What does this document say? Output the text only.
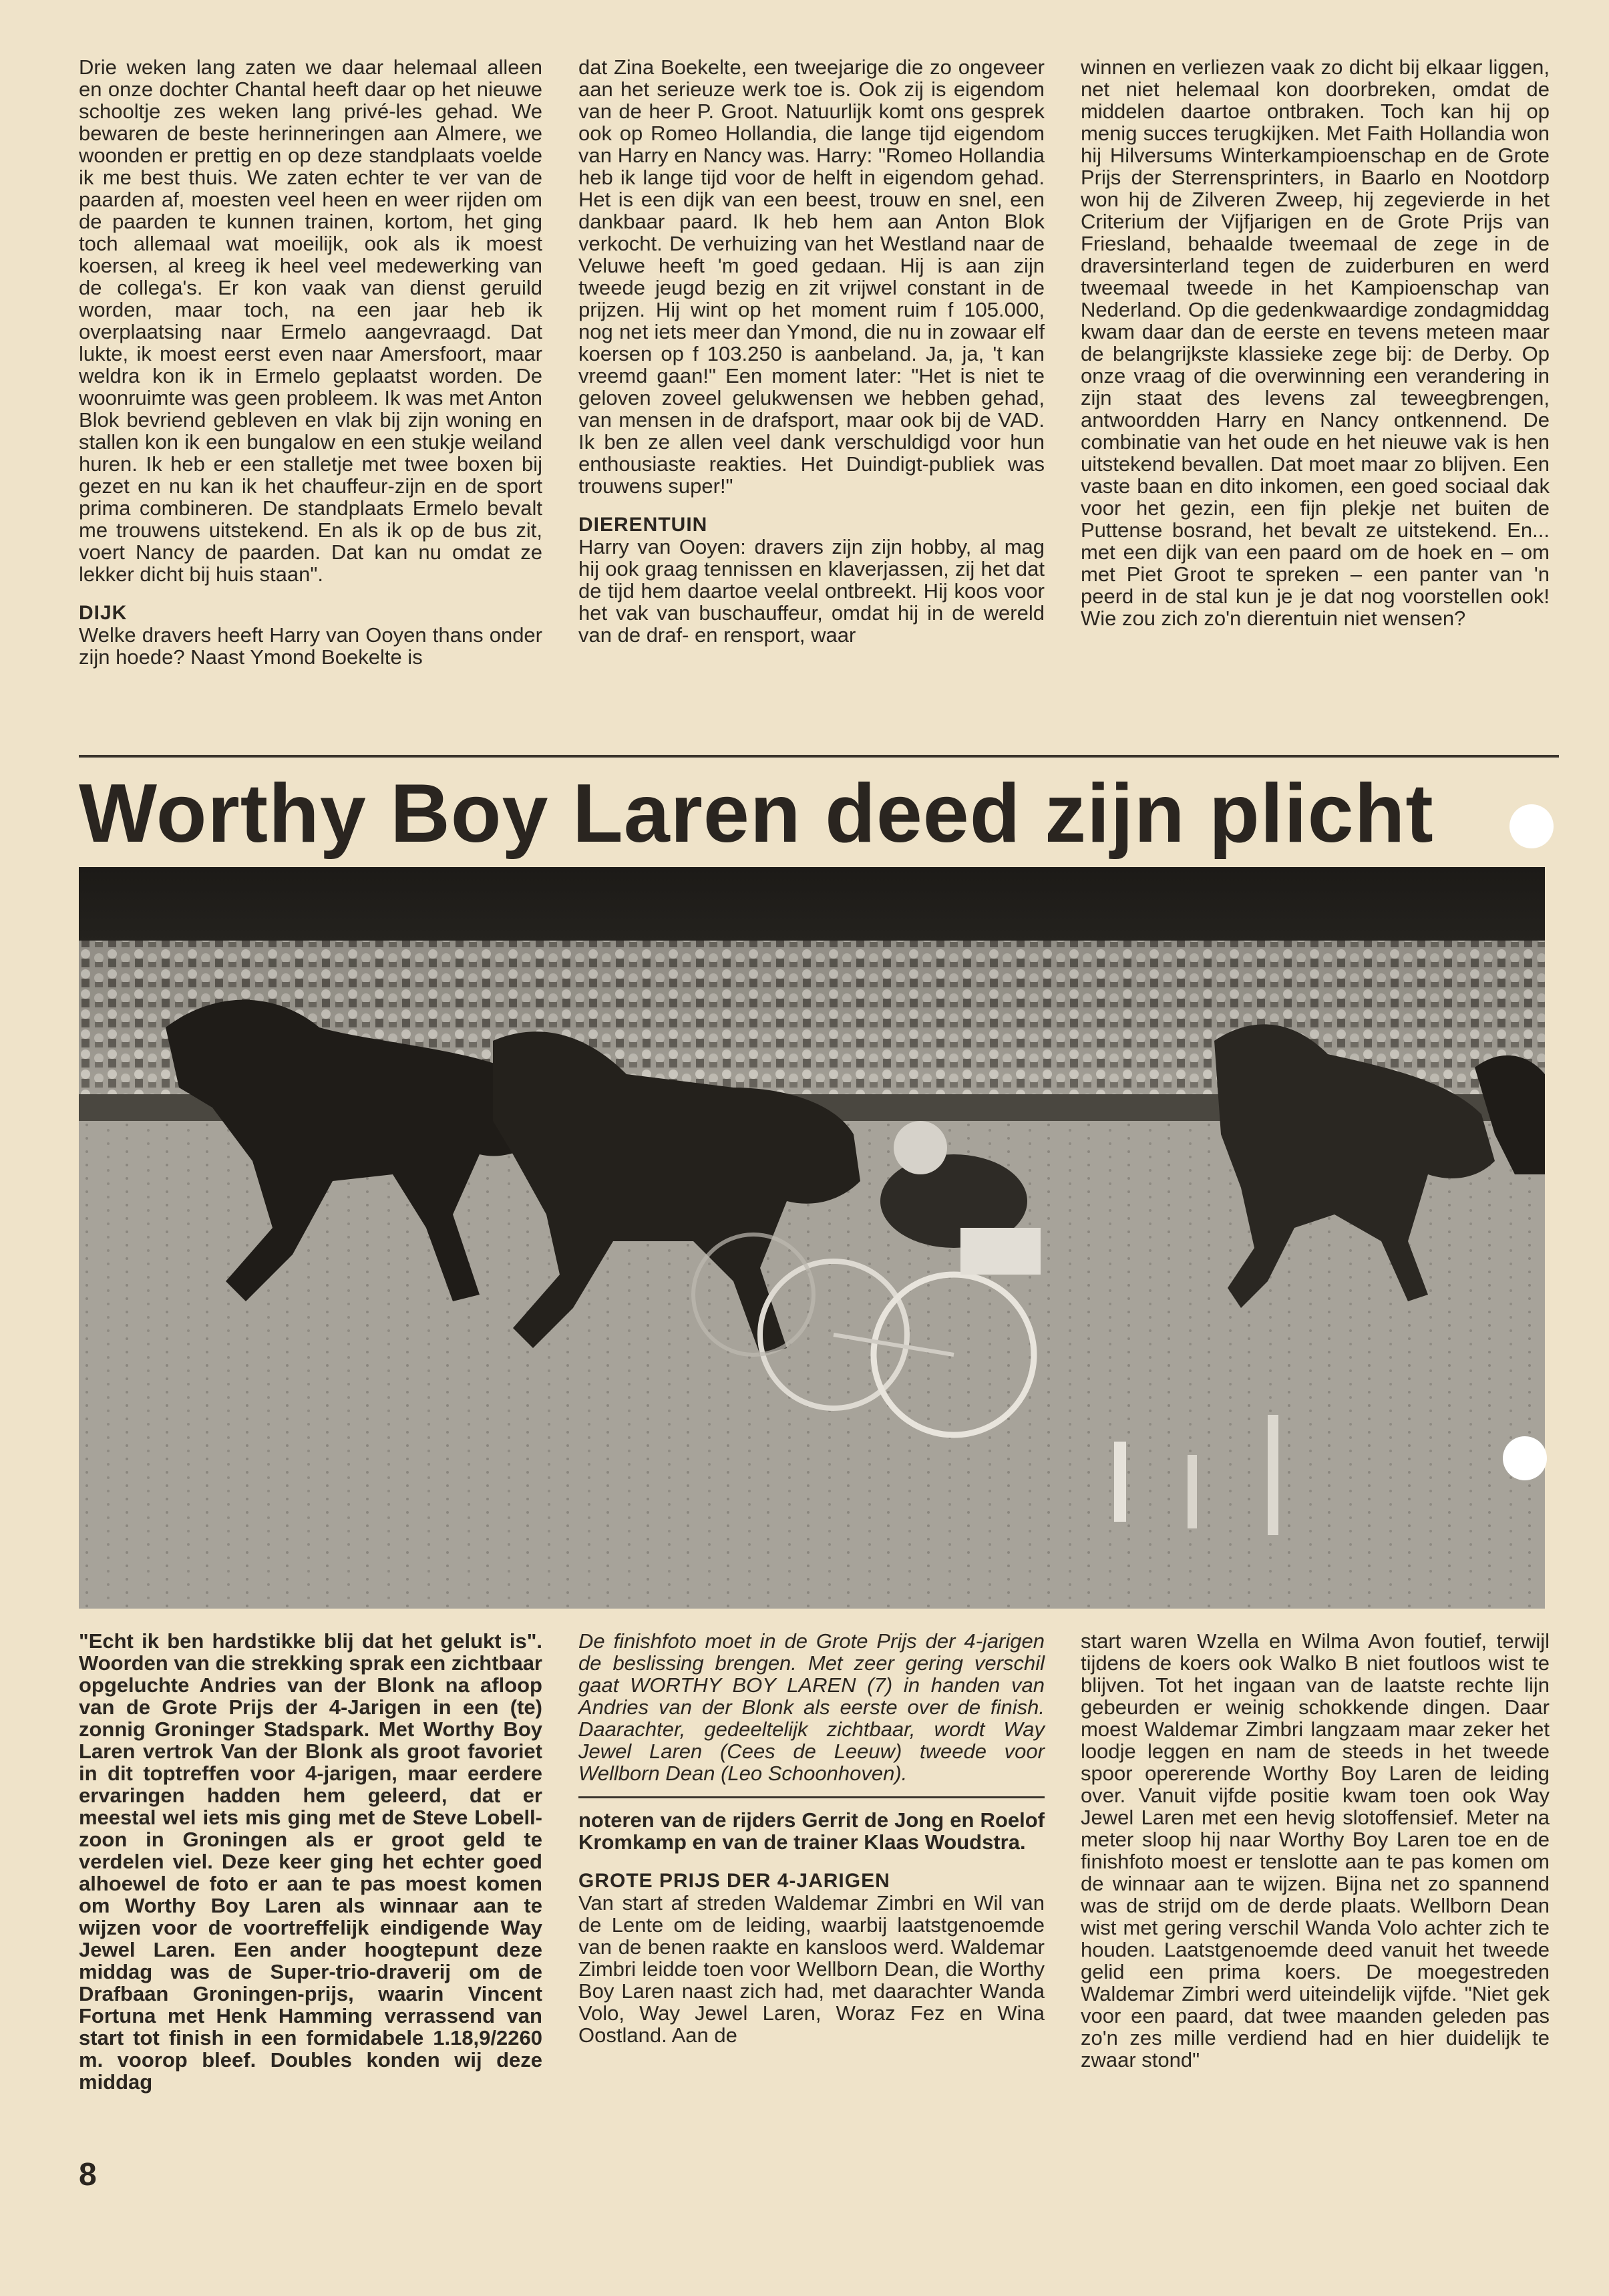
Drie weken lang zaten we daar helemaal alleen en onze dochter Chantal heeft daar op het nieuwe schooltje zes weken lang privé-les gehad. We bewaren de beste herinneringen aan Almere, we woonden er prettig en op deze standplaats voelde ik me best thuis. We zaten echter te ver van de paarden af, moesten veel heen en weer rijden om de paarden te kunnen trainen, kortom, het ging toch allemaal wat moeilijk, ook als ik moest koersen, al kreeg ik heel veel medewerking van de collega's. Er kon vaak van dienst geruild worden, maar toch, na een jaar heb ik overplaatsing naar Ermelo aangevraagd. Dat lukte, ik moest eerst even naar Amersfoort, maar weldra kon ik in Ermelo geplaatst worden. De woonruimte was geen probleem. Ik was met Anton Blok bevriend gebleven en vlak bij zijn woning en stallen kon ik een bungalow en een stukje weiland huren. Ik heb er een stalletje met twee boxen bij gezet en nu kan ik het chauffeur-zijn en de sport prima combineren. De standplaats Ermelo bevalt me trouwens uitstekend. En als ik op de bus zit, voert Nancy de paarden. Dat kan nu omdat ze lekker dicht bij huis staan".

DIJK

Welke dravers heeft Harry van Ooyen thans onder zijn hoede? Naast Ymond Boekelte is

dat Zina Boekelte, een tweejarige die zo ongeveer aan het serieuze werk toe is. Ook zij is eigendom van de heer P. Groot. Natuurlijk komt ons gesprek ook op Romeo Hollandia, die lange tijd eigendom van Harry en Nancy was. Harry: "Romeo Hollandia heb ik lange tijd voor de helft in eigendom gehad. Het is een dijk van een beest, trouw en snel, een dankbaar paard. Ik heb hem aan Anton Blok verkocht. De verhuizing van het Westland naar de Veluwe heeft 'm goed gedaan. Hij is aan zijn tweede jeugd bezig en zit vrijwel constant in de prijzen. Hij wint op het moment ruim f 105.000, nog net iets meer dan Ymond, die nu in zowaar elf koersen op f 103.250 is aanbeland. Ja, ja, 't kan vreemd gaan!" Een moment later: "Het is niet te geloven zoveel gelukwensen we hebben gehad, van mensen in de drafsport, maar ook bij de VAD. Ik ben ze allen veel dank verschuldigd voor hun enthousiaste reakties. Het Duindigt-publiek was trouwens super!"

DIERENTUIN

Harry van Ooyen: dravers zijn zijn hobby, al mag hij ook graag tennissen en klaverjassen, zij het dat de tijd hem daartoe veelal ontbreekt. Hij koos voor het vak van buschauffeur, omdat hij in de wereld van de draf- en rensport, waar

winnen en verliezen vaak zo dicht bij elkaar liggen, net niet helemaal kon doorbreken, omdat de middelen daartoe ontbraken. Toch kan hij op menig succes terugkijken. Met Faith Hollandia won hij Hilversums Winterkampioenschap en de Grote Prijs der Sterrensprinters, in Baarlo en Nootdorp won hij de Zilveren Zweep, hij zegevierde in het Criterium der Vijfjarigen en de Grote Prijs van Friesland, behaalde tweemaal de zege in de draversinterland tegen de zuiderburen en werd tweemaal tweede in het Kampioenschap van Nederland. Op die gedenkwaardige zondagmiddag kwam daar dan de eerste en tevens meteen maar de belangrijkste klassieke zege bij: de Derby. Op onze vraag of die overwinning een verandering in zijn staat des levens zal teweegbrengen, antwoordden Harry en Nancy ontkennend. De combinatie van het oude en het nieuwe vak is hen uitstekend bevallen. Dat moet maar zo blijven. Een vaste baan en dito inkomen, een goed sociaal dak voor het gezin, een fijn plekje net buiten de Puttense bosrand, het bevalt ze uitstekend. En... met een dijk van een paard om de hoek en – om met Piet Groot te spreken – een panter van 'n peerd in de stal kun je je dat nog voorstellen ook! Wie zou zich zo'n dierentuin niet wensen?

Worthy Boy Laren deed zijn plicht

"Echt ik ben hardstikke blij dat het gelukt is". Woorden van die strekking sprak een zichtbaar opgeluchte Andries van der Blonk na afloop van de Grote Prijs der 4-Jarigen in een (te) zonnig Groninger Stadspark. Met Worthy Boy Laren vertrok Van der Blonk als groot favoriet in dit toptreffen voor 4-jarigen, maar eerdere ervaringen hadden hem geleerd, dat er meestal wel iets mis ging met de Steve Lobell-zoon in Groningen als er groot geld te verdelen viel. Deze keer ging het echter goed alhoewel de foto er aan te pas moest komen om Worthy Boy Laren als winnaar aan te wijzen voor de voortreffelijk eindigende Way Jewel Laren. Een ander hoogtepunt deze middag was de Super-trio-draverij om de Drafbaan Groningen-prijs, waarin Vincent Fortuna met Henk Hamming verrassend van start tot finish in een formidabele 1.18,9/2260 m. voorop bleef. Doubles konden wij deze middag

De finishfoto moet in de Grote Prijs der 4-jarigen de beslissing brengen. Met zeer gering verschil gaat WORTHY BOY LAREN (7) in handen van Andries van der Blonk als eerste over de finish. Daarachter, gedeeltelijk zichtbaar, wordt Way Jewel Laren (Cees de Leeuw) tweede voor Wellborn Dean (Leo Schoonhoven).

noteren van de rijders Gerrit de Jong en Roelof Kromkamp en van de trainer Klaas Woudstra.

GROTE PRIJS DER 4-JARIGEN

Van start af streden Waldemar Zimbri en Wil van de Lente om de leiding, waarbij laatstgenoemde van de benen raakte en kansloos werd. Waldemar Zimbri leidde toen voor Wellborn Dean, die Worthy Boy Laren naast zich had, met daarachter Wanda Volo, Way Jewel Laren, Woraz Fez en Wina Oostland. Aan de

start waren Wzella en Wilma Avon foutief, terwijl tijdens de koers ook Walko B niet foutloos wist te blijven. Tot het ingaan van de laatste rechte lijn gebeurden er weinig schokkende dingen. Daar moest Waldemar Zimbri langzaam maar zeker het loodje leggen en nam de steeds in het tweede spoor opererende Worthy Boy Laren de leiding over. Vanuit vijfde positie kwam toen ook Way Jewel Laren met een hevig slotoffensief. Meter na meter sloop hij naar Worthy Boy Laren toe en de finishfoto moest er tenslotte aan te pas komen om de winnaar aan te wijzen. Bijna net zo spannend was de strijd om de derde plaats. Wellborn Dean wist met gering verschil Wanda Volo achter zich te houden. Laatstgenoemde deed vanuit het tweede gelid een prima koers. De moegestreden Waldemar Zimbri werd uiteindelijk vijfde. "Niet gek voor een paard, dat twee maanden geleden pas zo'n zes mille verdiend had en hier duidelijk te zwaar stond"

8
